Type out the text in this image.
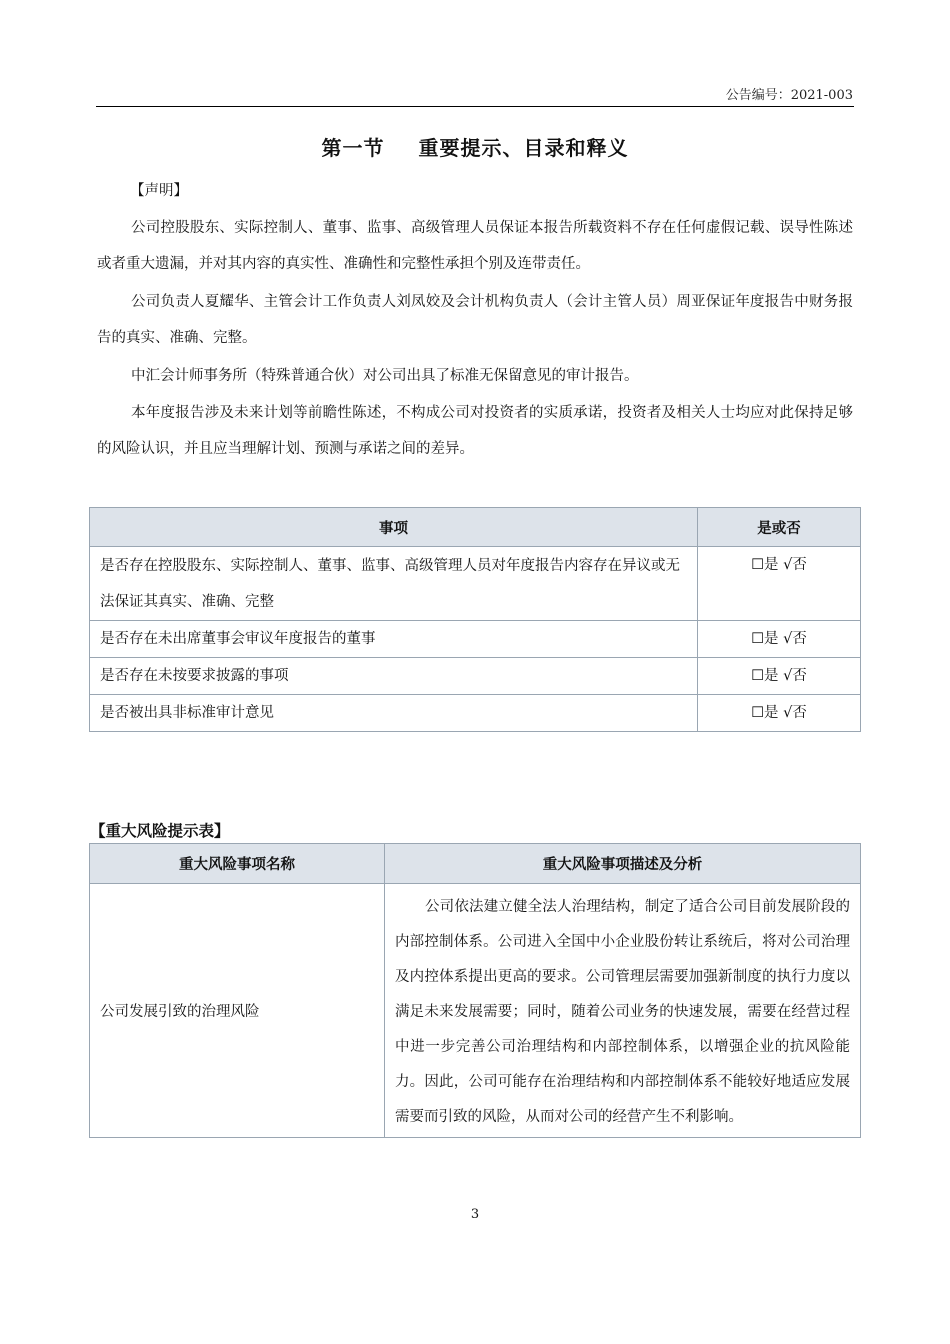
公告编号：2021-003
第一节 重要提示、目录和释义
【声明】
公司控股股东、实际控制人、董事、监事、高级管理人员保证本报告所载资料不存在任何虚假记载、误导性陈述或者重大遗漏，并对其内容的真实性、准确性和完整性承担个别及连带责任。
公司负责人夏耀华、主管会计工作负责人刘凤姣及会计机构负责人（会计主管人员）周亚保证年度报告中财务报告的真实、准确、完整。
中汇会计师事务所（特殊普通合伙）对公司出具了标准无保留意见的审计报告。
本年度报告涉及未来计划等前瞻性陈述，不构成公司对投资者的实质承诺，投资者及相关人士均应对此保持足够的风险认识，并且应当理解计划、预测与承诺之间的差异。
事项	是或否
是否存在控股股东、实际控制人、董事、监事、高级管理人员对年度报告内容存在异议或无法保证其真实、准确、完整	☐是 √否
是否存在未出席董事会审议年度报告的董事	☐是 √否
是否存在未按要求披露的事项	☐是 √否
是否被出具非标准审计意见	☐是 √否
【重大风险提示表】
重大风险事项名称	重大风险事项描述及分析
公司发展引致的治理风险	公司依法建立健全法人治理结构，制定了适合公司目前发展阶段的内部控制体系。公司进入全国中小企业股份转让系统后，将对公司治理及内控体系提出更高的要求。公司管理层需要加强新制度的执行力度以满足未来发展需要；同时，随着公司业务的快速发展，需要在经营过程中进一步完善公司治理结构和内部控制体系，以增强企业的抗风险能力。因此，公司可能存在治理结构和内部控制体系不能较好地适应发展需要而引致的风险，从而对公司的经营产生不利影响。
3
